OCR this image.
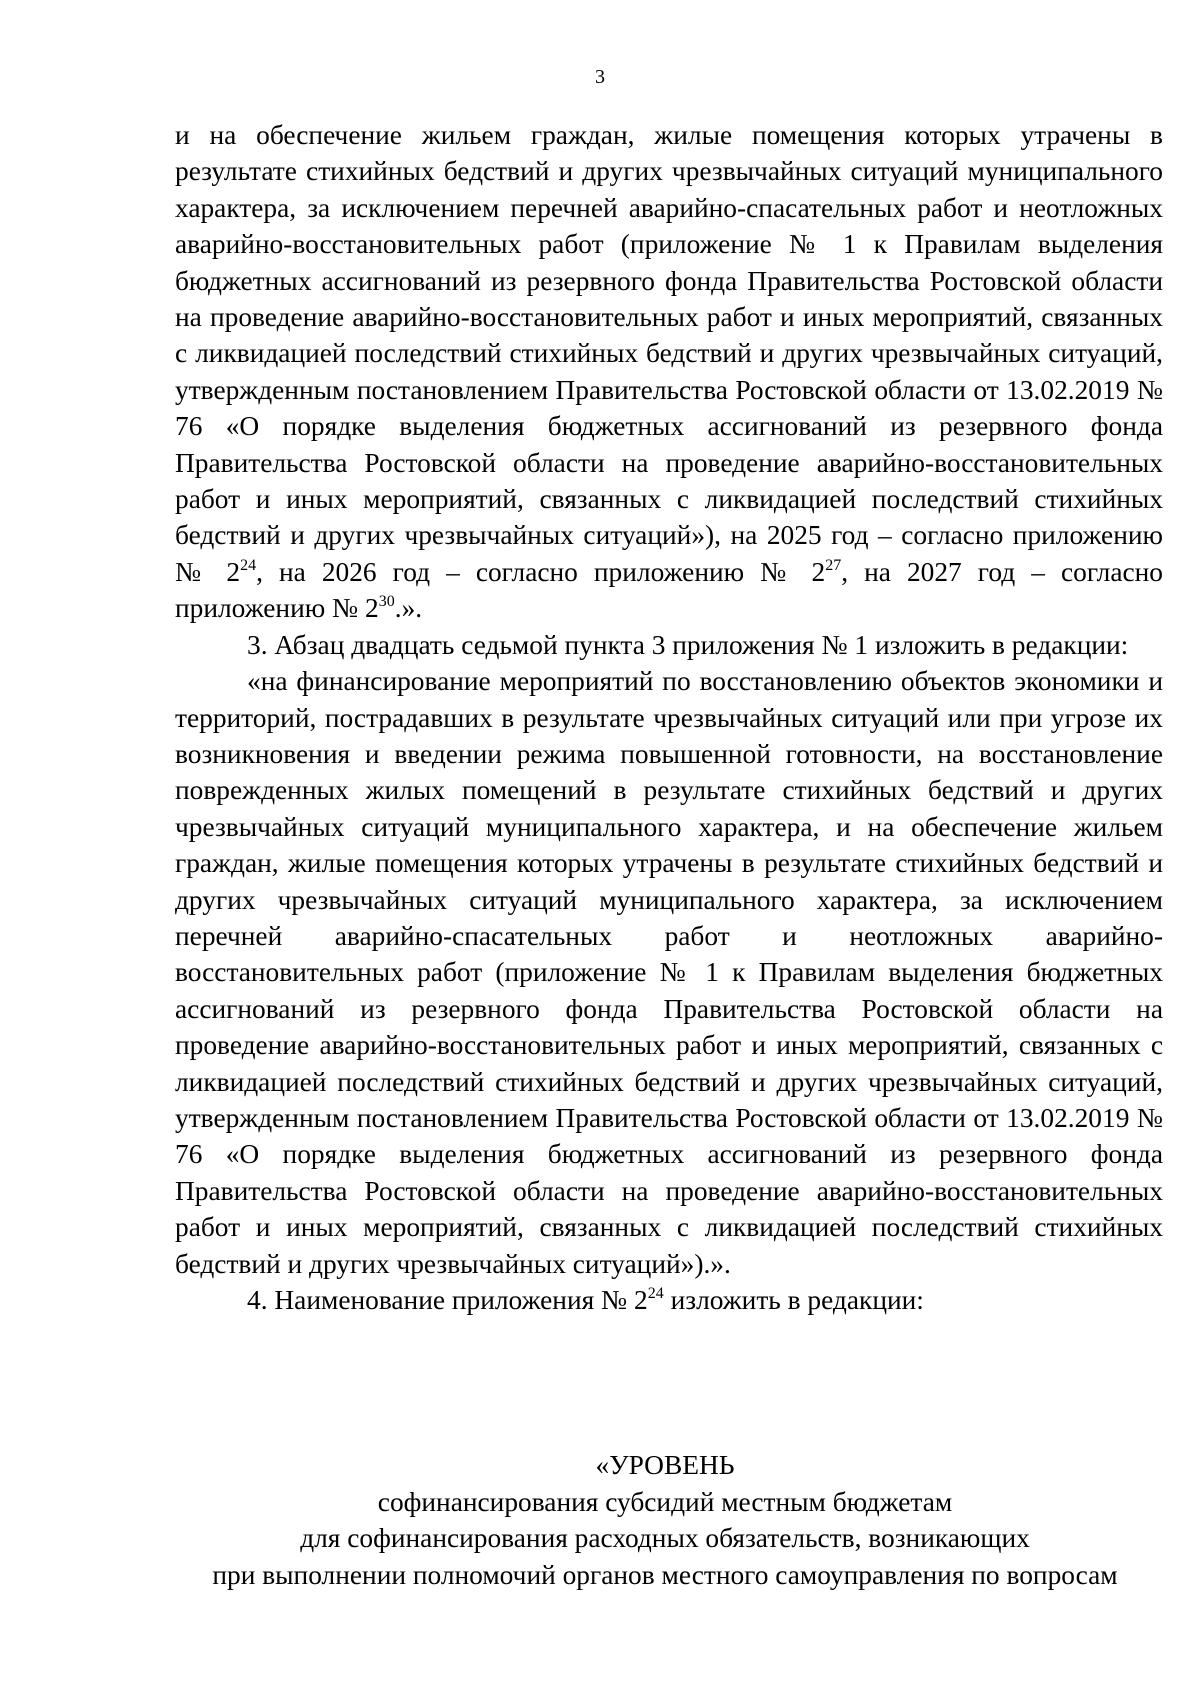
3

и на обеспечение жильем граждан, жилые помещения которых утрачены в результате стихийных бедствий и других чрезвычайных ситуаций муниципального характера, за исключением перечней аварийно-спасательных работ и неотложных аварийно-восстановительных работ (приложение № 1 к Правилам выделения бюджетных ассигнований из резервного фонда Правительства Ростовской области на проведение аварийно-восстановительных работ и иных мероприятий, связанных с ликвидацией последствий стихийных бедствий и других чрезвычайных ситуаций, утвержденным постановлением Правительства Ростовской области от 13.02.2019 № 76 «О порядке выделения бюджетных ассигнований из резервного фонда Правительства Ростовской области на проведение аварийно-восстановительных работ и иных мероприятий, связанных с ликвидацией последствий стихийных бедствий и других чрезвычайных ситуаций»), на 2025 год – согласно приложению № $2^{24}$, на 2026 год – согласно приложению № $2^{27}$, на 2027 год – согласно приложению № $2^{30}$.».

3. Абзац двадцать седьмой пункта 3 приложения № 1 изложить в редакции:

«на финансирование мероприятий по восстановлению объектов экономики и территорий, пострадавших в результате чрезвычайных ситуаций или при угрозе их возникновения и введении режима повышенной готовности, на восстановление поврежденных жилых помещений в результате стихийных бедствий и других чрезвычайных ситуаций муниципального характера, и на обеспечение жильем граждан, жилые помещения которых утрачены в результате стихийных бедствий и других чрезвычайных ситуаций муниципального характера, за исключением перечней аварийно-спасательных работ и неотложных аварийно-восстановительных работ (приложение № 1 к Правилам выделения бюджетных ассигнований из резервного фонда Правительства Ростовской области на проведение аварийно-восстановительных работ и иных мероприятий, связанных с ликвидацией последствий стихийных бедствий и других чрезвычайных ситуаций, утвержденным постановлением Правительства Ростовской области от 13.02.2019 № 76 «О порядке выделения бюджетных ассигнований из резервного фонда Правительства Ростовской области на проведение аварийно-восстановительных работ и иных мероприятий, связанных с ликвидацией последствий стихийных бедствий и других чрезвычайных ситуаций»).».

4. Наименование приложения № $2^{24}$ изложить в редакции:

«УРОВЕНЬ
софинансирования субсидий местным бюджетам
для софинансирования расходных обязательств, возникающих
при выполнении полномочий органов местного самоуправления по вопросам
